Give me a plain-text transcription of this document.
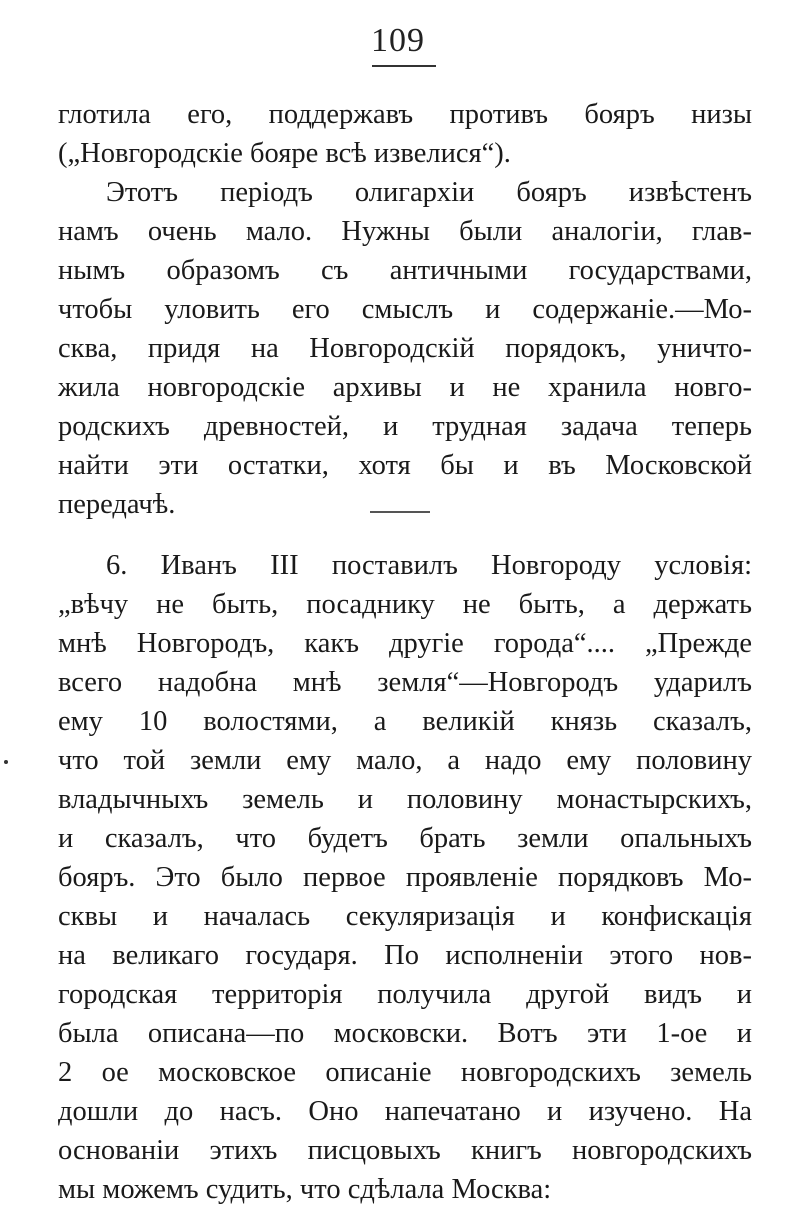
109
глотила его, поддержавъ противъ бояръ низы
(„Новгородскіе бояре всѣ извелися“).
Этотъ періодъ олигархіи бояръ извѣстенъ
намъ очень мало. Нужны были аналогіи, глав-
нымъ образомъ съ античными государствами,
чтобы уловить его смыслъ и содержаніе.—Мо-
сква, придя на Новгородскій порядокъ, уничто-
жила новгородскіе архивы и не хранила новго-
родскихъ древностей, и трудная задача теперь
найти эти остатки, хотя бы и въ Московской
передачѣ.
6. Иванъ III поставилъ Новгороду условія:
„вѣчу не быть, посаднику не быть, а держать
мнѣ Новгородъ, какъ другіе города“.... „Прежде
всего надобна мнѣ земля“—Новгородъ ударилъ
ему 10 волостями, а великій князь сказалъ,
что той земли ему мало, а надо ему половину
владычныхъ земель и половину монастырскихъ,
и сказалъ, что будетъ брать земли опальныхъ
бояръ. Это было первое проявленіе порядковъ Мо-
сквы и началась секуляризація и конфискація
на великаго государя. По исполненіи этого нов-
городская территорія получила другой видъ и
была описана—по московски. Вотъ эти 1-ое и
2 ое московское описаніе новгородскихъ земель
дошли до насъ. Оно напечатано и изучено. На
основаніи этихъ писцовыхъ книгъ новгородскихъ
мы можемъ судить, что сдѣлала Москва:
